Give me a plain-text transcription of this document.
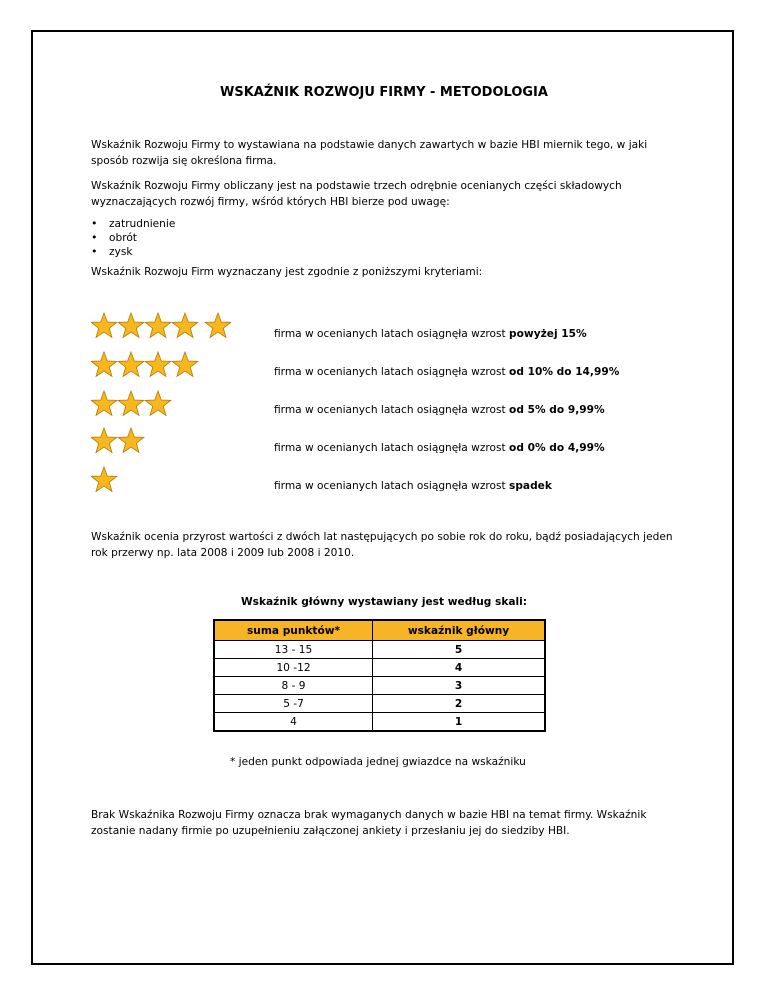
WSKAŹNIK ROZWOJU FIRMY - METODOLOGIA
Wskaźnik Rozwoju Firmy to wystawiana na podstawie danych zawartych w bazie HBI miernik tego, w jaki sposób rozwija się określona firma.
Wskaźnik Rozwoju Firmy obliczany jest na podstawie trzech odrębnie ocenianych części składowych wyznaczających rozwój firmy, wśród których HBI bierze pod uwagę:
• zatrudnienie
• obrót
• zysk
Wskaźnik Rozwoju Firm wyznaczany jest zgodnie z poniższymi kryteriami:
firma w ocenianych latach osiągnęła wzrost powyżej 15%
firma w ocenianych latach osiągnęła wzrost od 10% do 14,99%
firma w ocenianych latach osiągnęła wzrost od 5% do 9,99%
firma w ocenianych latach osiągnęła wzrost od 0% do 4,99%
firma w ocenianych latach osiągnęła wzrost spadek
Wskaźnik ocenia przyrost wartości z dwóch lat następujących po sobie rok do roku, bądź posiadających jeden rok przerwy np. lata 2008 i 2009 lub 2008 i 2010.
Wskaźnik główny wystawiany jest według skali:
suma punktów*	wskaźnik główny
13 - 15	5
10 -12	4
8 - 9	3
5 -7	2
4	1
* jeden punkt odpowiada jednej gwiazdce na wskaźniku
Brak Wskaźnika Rozwoju Firmy oznacza brak wymaganych danych w bazie HBI na temat firmy. Wskaźnik zostanie nadany firmie po uzupełnieniu załączonej ankiety i przesłaniu jej do siedziby HBI.
